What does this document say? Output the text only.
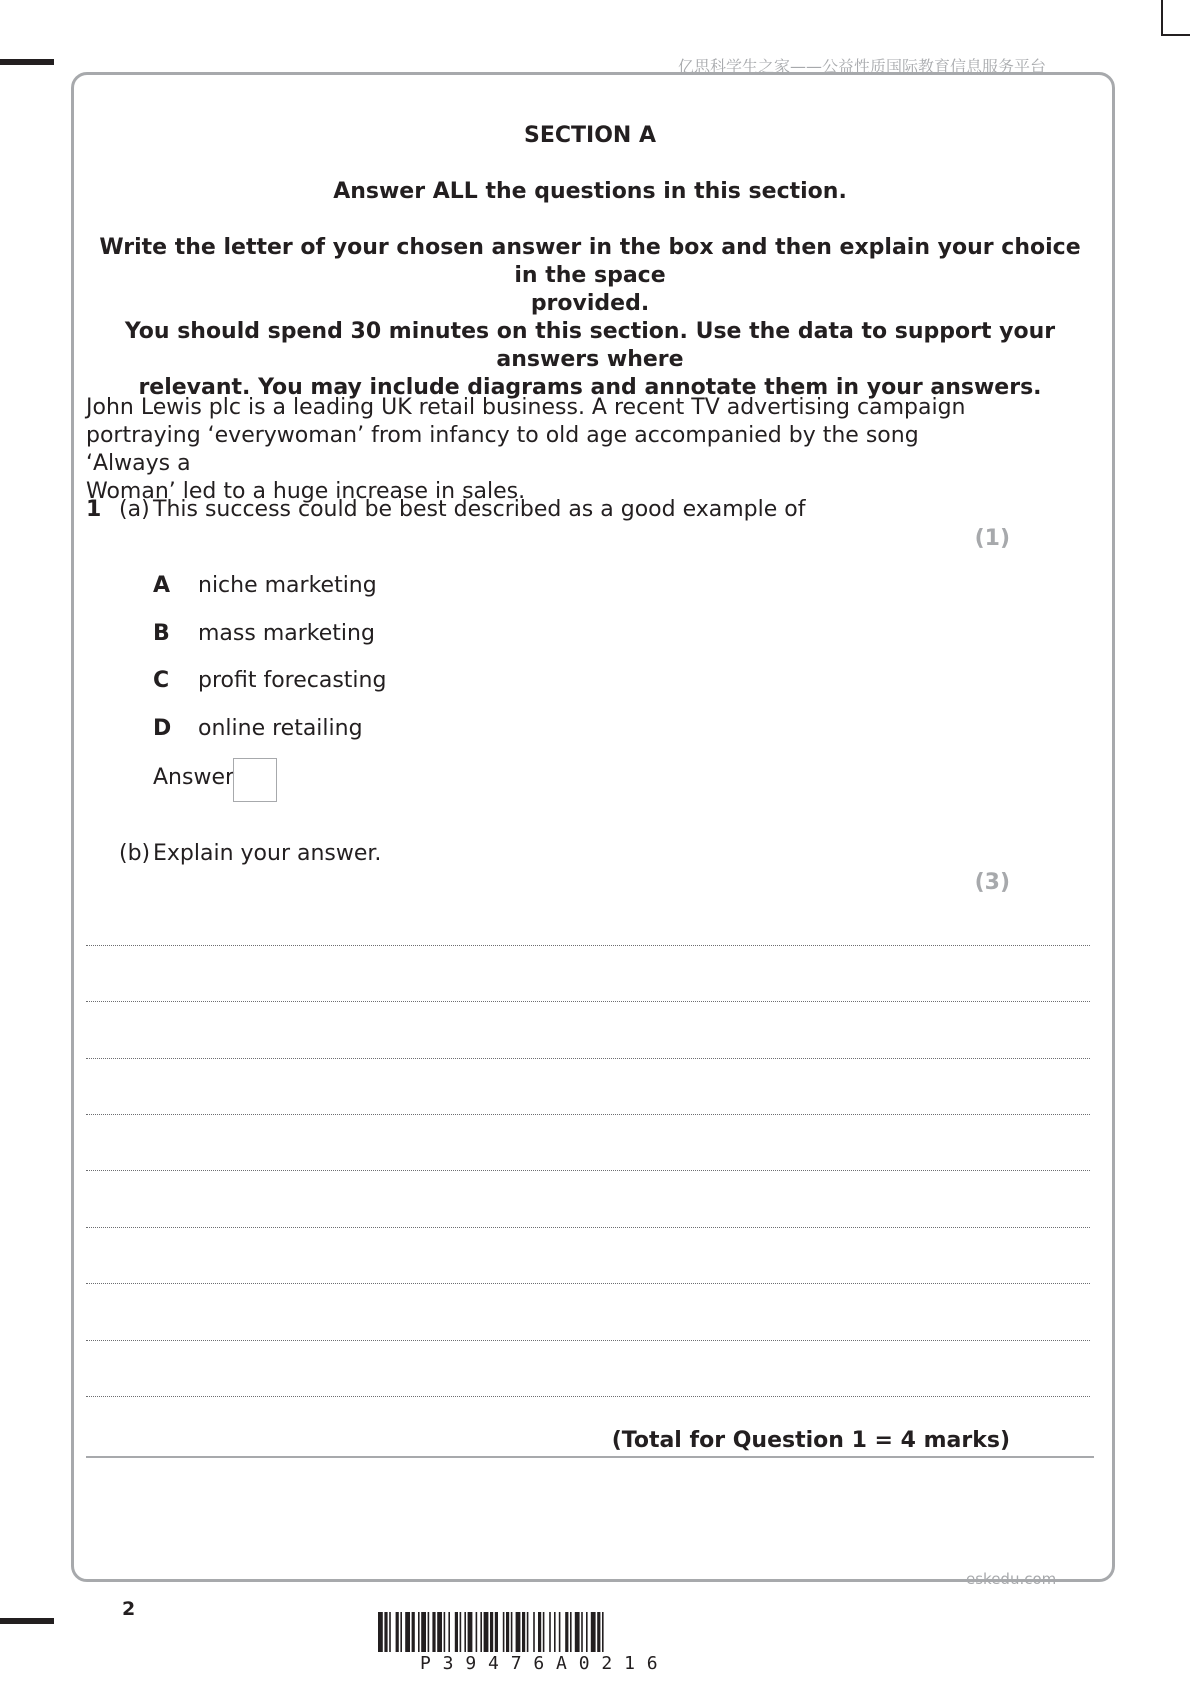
亿思科学生之家——公益性质国际教育信息服务平台
SECTION A
Answer ALL the questions in this section.
Write the letter of your chosen answer in the box and then explain your choice in the space
provided.
You should spend 30 minutes on this section. Use the data to support your answers where
relevant. You may include diagrams and annotate them in your answers.
John Lewis plc is a leading UK retail business. A recent TV advertising campaign
portraying ‘everywoman’ from infancy to old age accompanied by the song ‘Always a
Woman’ led to a huge increase in sales.
1 (a) This success could be best described as a good example of
(1)
A niche marketing
B mass marketing
C profit forecasting
D online retailing
Answer
(b) Explain your answer.
(3)
(Total for Question 1 = 4 marks)
eskedu.com
2
P 3 9 4 7 6 A 0 2 1 6
